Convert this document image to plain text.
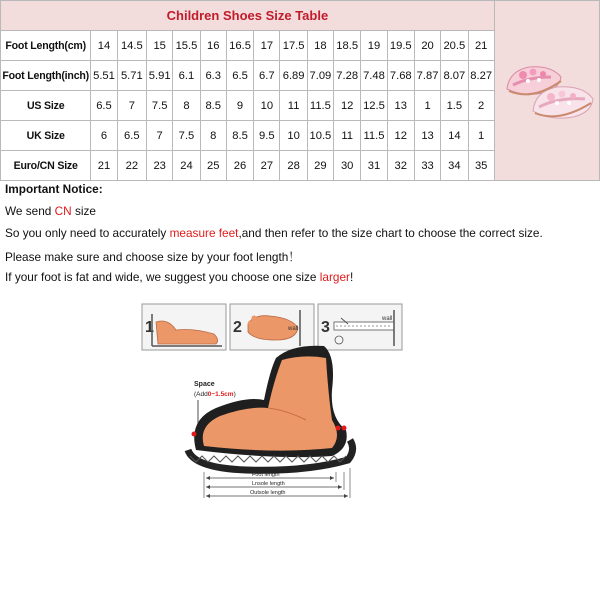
Children Shoes Size Table	
Foot Length(cm)	14	14.5	15	15.5	16	16.5	17	17.5	18	18.5	19	19.5	20	20.5	21	
Foot Length(inch)	5.51	5.71	5.91	6.1	6.3	6.5	6.7	6.89	7.09	7.28	7.48	7.68	7.87	8.07	8.27	
US Size	6.5	7	7.5	8	8.5	9	10	11	11.5	12	12.5	13	1	1.5	2	
UK Size	6	6.5	7	7.5	8	8.5	9.5	10	10.5	11	11.5	12	13	14	1	
Euro/CN Size	21	22	23	24	25	26	27	28	29	30	31	32	33	34	35	
Important Notice:
We send CN size
So you only need to accurately measure feet,and then refer to the size chart to choose the correct size.
Please make sure and choose size by your foot length！
If your foot is fat and wide, we suggest you choose one size larger!
1	2	wall 3	wall
Space
(Add0~1.5cm)
Foot length
Lnsole length
Outsole length
